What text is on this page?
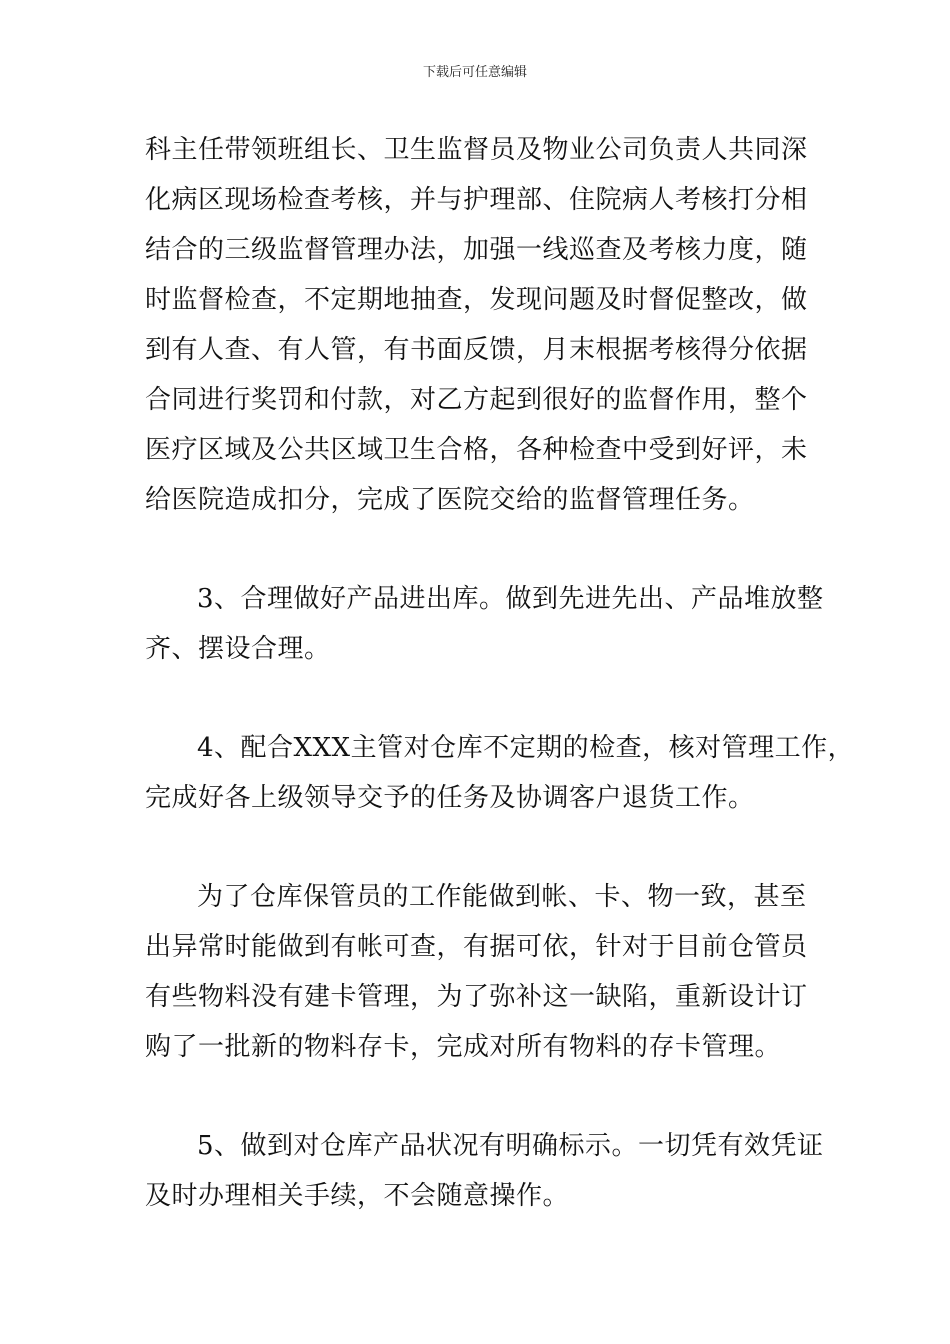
下载后可任意编辑
科主任带领班组长、卫生监督员及物业公司负责人共同深
化病区现场检查考核，并与护理部、住院病人考核打分相
结合的三级监督管理办法，加强一线巡查及考核力度，随
时监督检查，不定期地抽查，发现问题及时督促整改，做
到有人查、有人管，有书面反馈，月末根据考核得分依据
合同进行奖罚和付款，对乙方起到很好的监督作用，整个
医疗区域及公共区域卫生合格，各种检查中受到好评，未
给医院造成扣分，完成了医院交给的监督管理任务。
3、合理做好产品进出库。做到先进先出、产品堆放整
齐、摆设合理。
4、配合XXX主管对仓库不定期的检查，核对管理工作，
完成好各上级领导交予的任务及协调客户退货工作。
为了仓库保管员的工作能做到帐、卡、物一致，甚至
出异常时能做到有帐可查，有据可依，针对于目前仓管员
有些物料没有建卡管理，为了弥补这一缺陷，重新设计订
购了一批新的物料存卡，完成对所有物料的存卡管理。
5、做到对仓库产品状况有明确标示。一切凭有效凭证
及时办理相关手续，不会随意操作。
